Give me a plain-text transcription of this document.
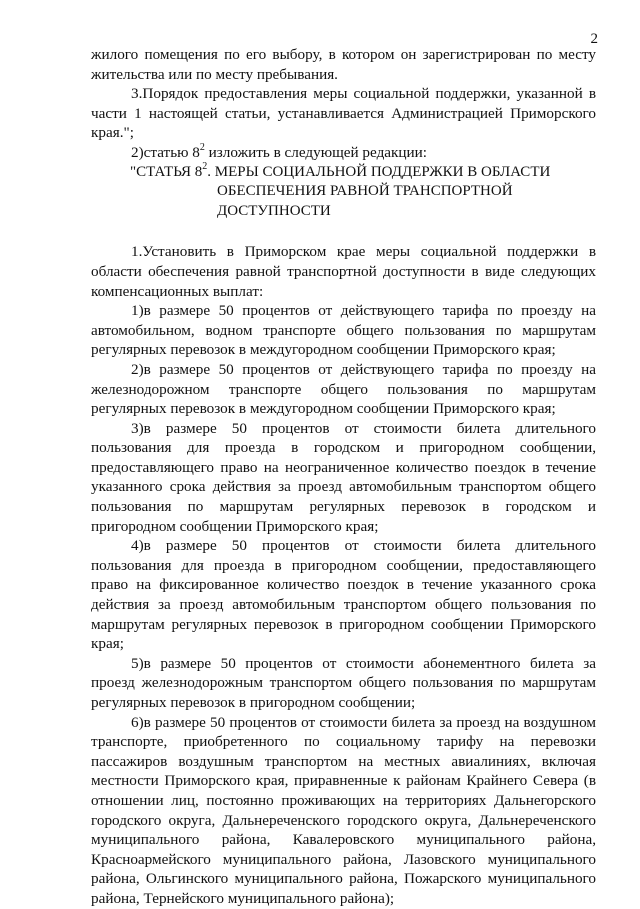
2

жилого помещения по его выбору, в котором он зарегистрирован по месту жительства или по месту пребывания.

3.Порядок предоставления меры социальной поддержки, указанной в части 1 настоящей статьи, устанавливается Администрацией Приморского края.";

2)статью $8^2$ изложить в следующей редакции:

"СТАТЬЯ $8^2$. МЕРЫ СОЦИАЛЬНОЙ ПОДДЕРЖКИ В ОБЛАСТИ
ОБЕСПЕЧЕНИЯ РАВНОЙ ТРАНСПОРТНОЙ
ДОСТУПНОСТИ

1.Установить в Приморском крае меры социальной поддержки в области обеспечения равной транспортной доступности в виде следующих компенсационных выплат:

1)в размере 50 процентов от действующего тарифа по проезду на автомобильном, водном транспорте общего пользования по маршрутам регулярных перевозок в междугородном сообщении Приморского края;

2)в размере 50 процентов от действующего тарифа по проезду на железнодорожном транспорте общего пользования по маршрутам регулярных перевозок в междугородном сообщении Приморского края;

3)в размере 50 процентов от стоимости билета длительного пользования для проезда в городском и пригородном сообщении, предоставляющего право на неограниченное количество поездок в течение указанного срока действия за проезд автомобильным транспортом общего пользования по маршрутам регулярных перевозок в городском и пригородном сообщении Приморского края;

4)в размере 50 процентов от стоимости билета длительного пользования для проезда в пригородном сообщении, предоставляющего право на фиксированное количество поездок в течение указанного срока действия за проезд автомобильным транспортом общего пользования по маршрутам регулярных перевозок в пригородном сообщении Приморского края;

5)в размере 50 процентов от стоимости абонементного билета за проезд железнодорожным транспортом общего пользования по маршрутам регулярных перевозок в пригородном сообщении;

6)в размере 50 процентов от стоимости билета за проезд на воздушном транспорте, приобретенного по социальному тарифу на перевозки пассажиров воздушным транспортом на местных авиалиниях, включая местности Приморского края, приравненные к районам Крайнего Севера (в отношении лиц, постоянно проживающих на территориях Дальнегорского городского округа, Дальнереченского городского округа, Дальнереченского муниципального района, Кавалеровского муниципального района, Красноармейского муниципального района, Лазовского муниципального района, Ольгинского муниципального района, Пожарского муниципального района, Тернейского муниципального района);
